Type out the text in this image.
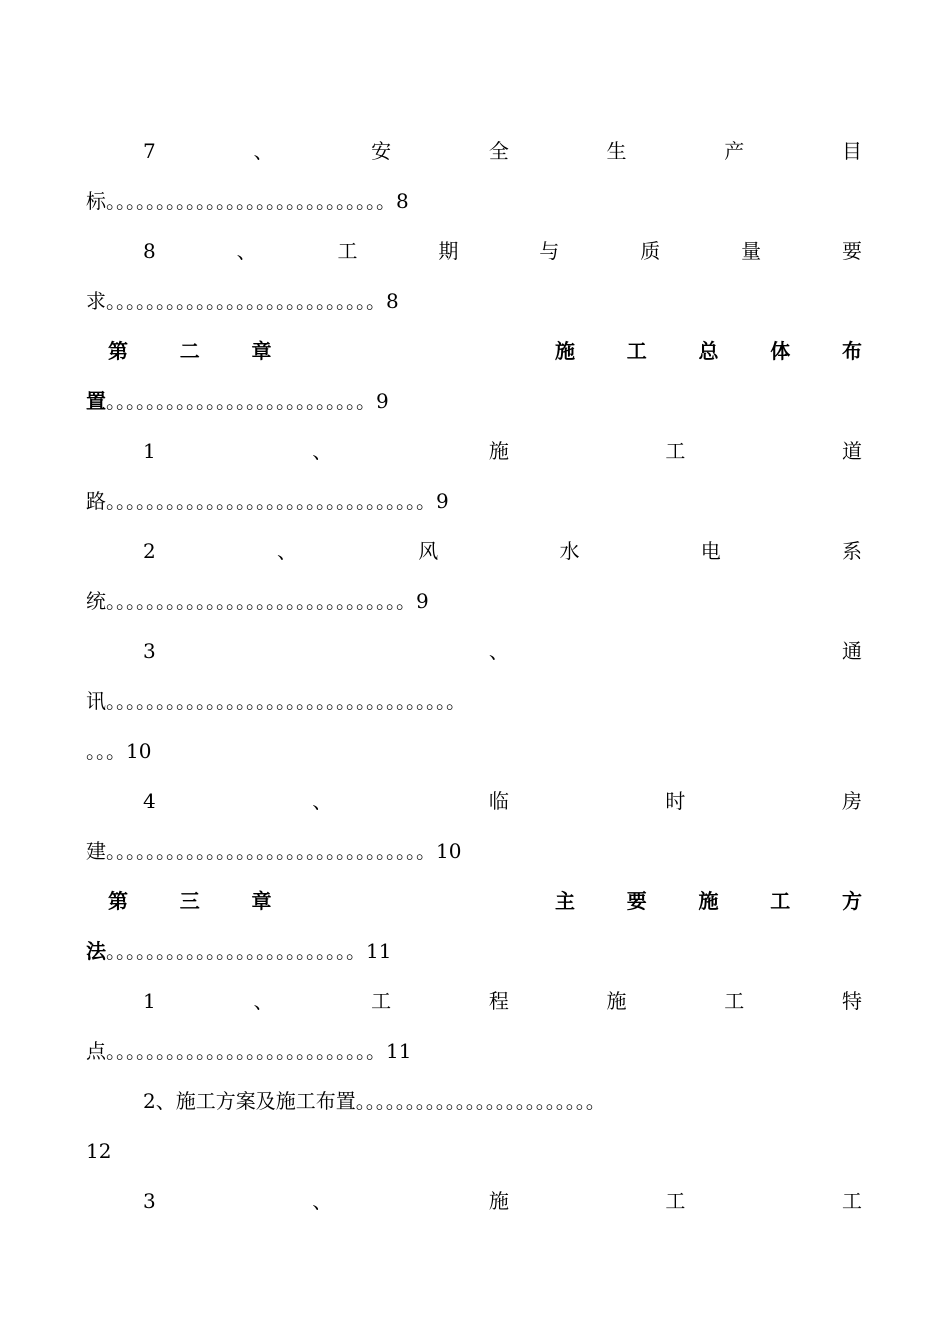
7	、	安	全	生	产	目
标。。。。。。。。。。。。。。。。。。。。。。。。。。。。8
8	、	工	期	与	质	量	要
求。。。。。。。。。。。。。。。。。。。。。。。。。。。8
第	二	章	施	工	总	体	布
置。。。。。。。。。。。。。。。。。。。。。。。。。。9
1	、	施	工	道
路。。。。。。。。。。。。。。。。。。。。。。。。。。。。。。。。9
2	、	风	水	电	系
统。。。。。。。。。。。。。。。。。。。。。。。。。。。。。。9
3	、	通
讯。。。。。。。。。。。。。。。。。。。。。。。。。。。。。。。。。。。
。。。10
4	、	临	时	房
建。。。。。。。。。。。。。。。。。。。。。。。。。。。。。。。。10
第	三	章	主	要	施	工	方
法。。。。。。。。。。。。。。。。。。。。。。。。。11
1	、	工	程	施	工	特
点。。。。。。。。。。。。。。。。。。。。。。。。。。。11
2、施工方案及施工布置。。。。。。。。。。。。。。。。。。。。。。。。
12
3	、	施	工	工
